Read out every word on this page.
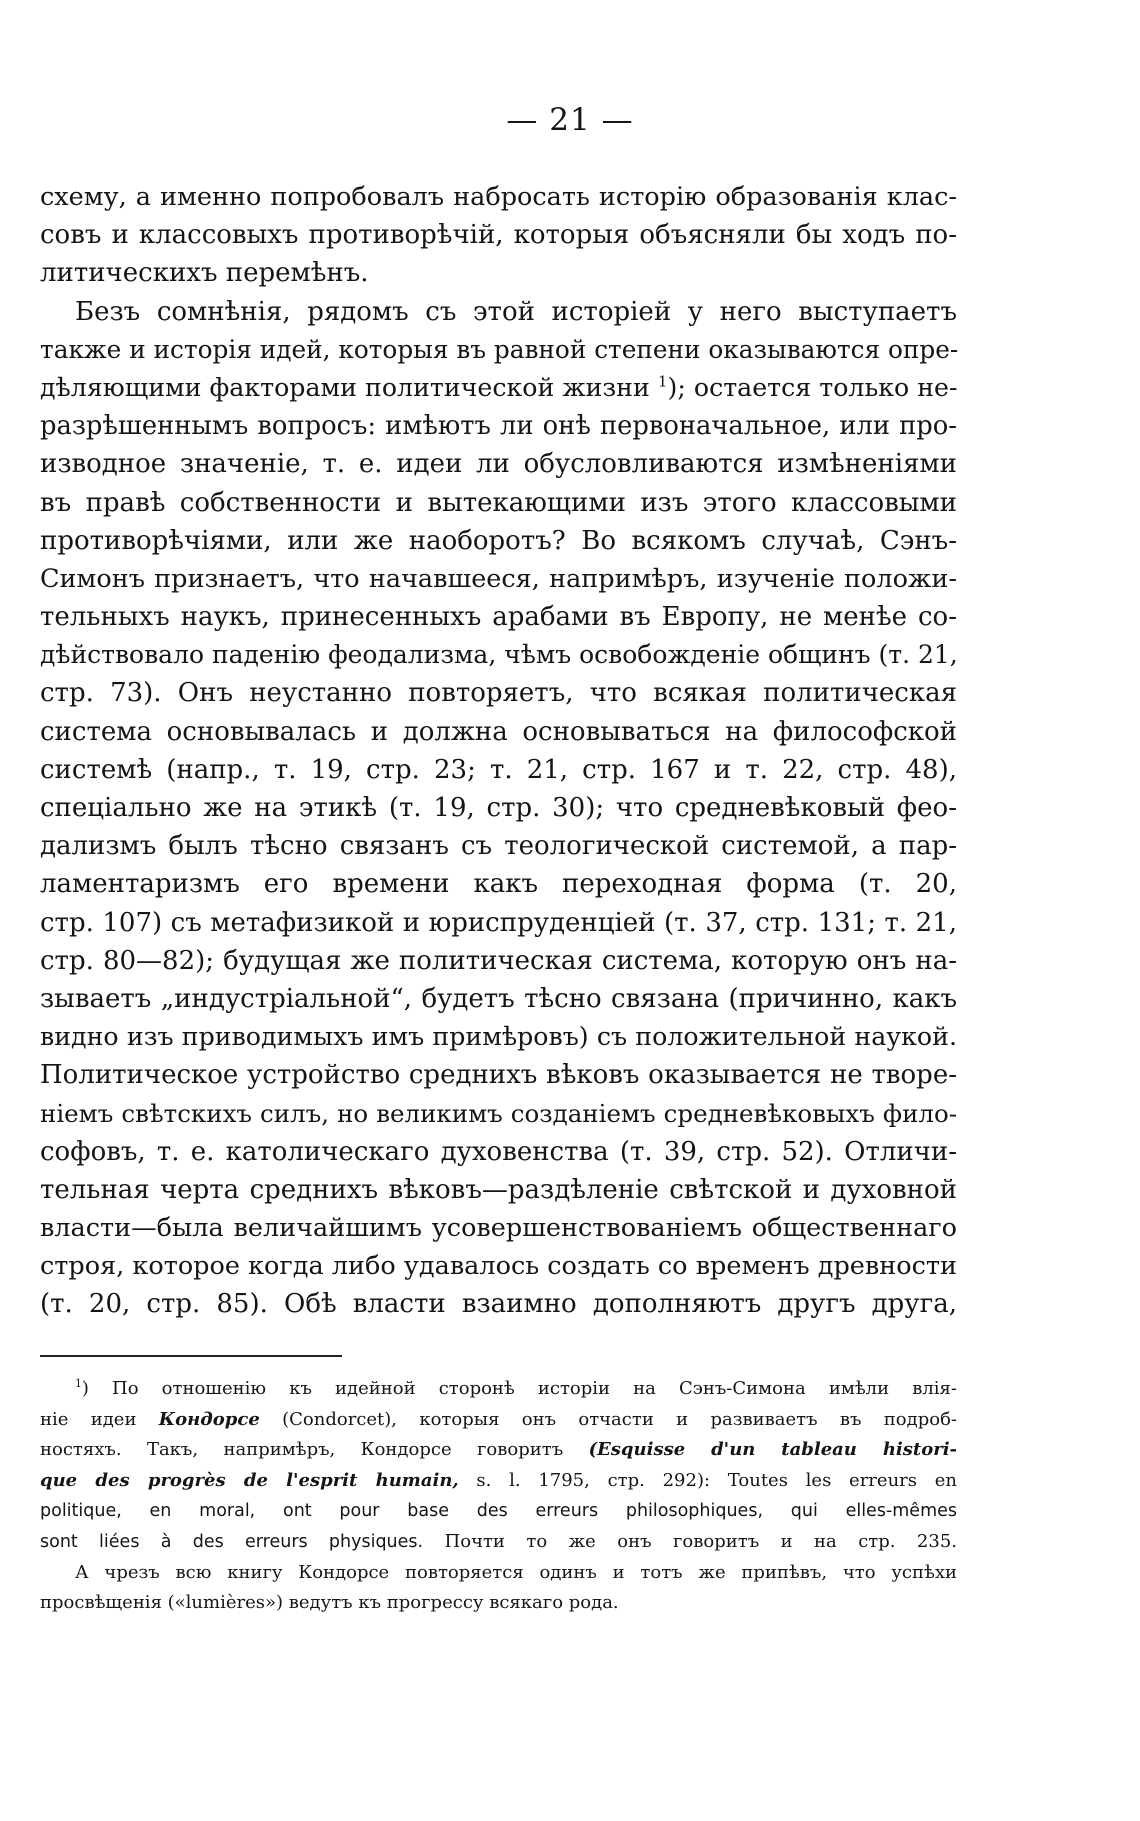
— 21 —
схему, а именно попробовалъ набросать исторію образованія клас-
совъ и классовыхъ противорѣчій, которыя объясняли бы ходъ по-
литическихъ перемѣнъ.
Безъ сомнѣнія, рядомъ съ этой исторіей у него выступаетъ
также и исторія идей, которыя въ равной степени оказываются опре-
дѣляющими факторами политической жизни $^1$); остается только не-
разрѣшеннымъ вопросъ: имѣютъ ли онѣ первоначальное, или про-
изводное значеніе, т. е. идеи ли обусловливаются измѣненіями
въ правѣ собственности и вытекающими изъ этого классовыми
противорѣчіями, или же наоборотъ? Во всякомъ случаѣ, Сэнъ-
Симонъ признаетъ, что начавшееся, напримѣръ, изученіе положи-
тельныхъ наукъ, принесенныхъ арабами въ Европу, не менѣе со-
дѣйствовало паденію феодализма, чѣмъ освобожденіе общинъ (т. 21,
стр. 73). Онъ неустанно повторяетъ, что всякая политическая
система основывалась и должна основываться на философской
системѣ (напр., т. 19, стр. 23; т. 21, стр. 167 и т. 22, стр. 48),
спеціально же на этикѣ (т. 19, стр. 30); что средневѣковый фео-
дализмъ былъ тѣсно связанъ съ теологической системой, а пар-
ламентаризмъ его времени какъ переходная форма (т. 20,
стр. 107) съ метафизикой и юриспруденціей (т. 37, стр. 131; т. 21,
стр. 80—82); будущая же политическая система, которую онъ на-
зываетъ „индустріальной“, будетъ тѣсно связана (причинно, какъ
видно изъ приводимыхъ имъ примѣровъ) съ положительной наукой.
Политическое устройство среднихъ вѣковъ оказывается не творе-
ніемъ свѣтскихъ силъ, но великимъ созданіемъ средневѣковыхъ фило-
софовъ, т. е. католическаго духовенства (т. 39, стр. 52). Отличи-
тельная черта среднихъ вѣковъ—раздѣленіе свѣтской и духовной
власти—была величайшимъ усовершенствованіемъ общественнаго
строя, которое когда либо удавалось создать со временъ древности
(т. 20, стр. 85). Обѣ власти взаимно дополняютъ другъ друга,
$^1$) По отношенію къ идейной сторонѣ исторіи на Сэнъ-Симона имѣли влія-
ніе идеи Кондорсе (Condorcet), которыя онъ отчасти и развиваетъ въ подроб-
ностяхъ. Такъ, напримѣръ, Кондорсе говоритъ (Esquisse d'un tableau histori-
que des progrès de l'esprit humain, s. l. 1795, стр. 292): Toutes les erreurs en
politique, en moral, ont pour base des erreurs philosophiques, qui elles-mêmes
sont liées à des erreurs physiques. Почти то же онъ говоритъ и на стр. 235.
А чрезъ всю книгу Кондорсе повторяется одинъ и тотъ же припѣвъ, что успѣхи
просвѣщенія («lumières») ведутъ къ прогрессу всякаго рода.
